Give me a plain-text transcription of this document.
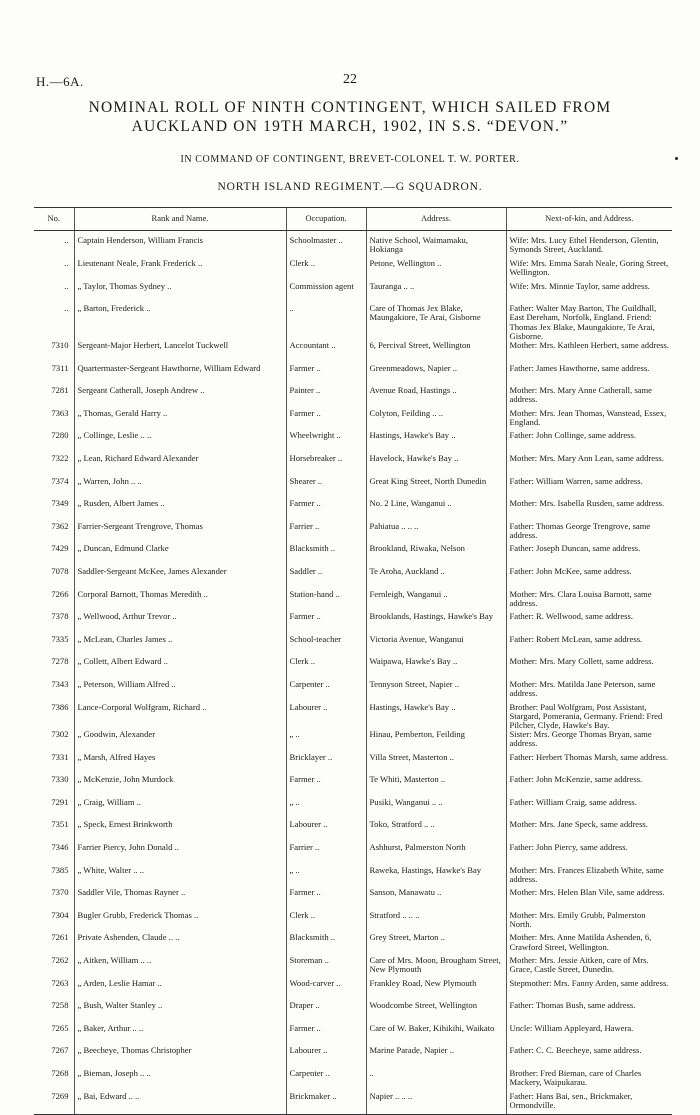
H.—6A.	22
NOMINAL ROLL OF NINTH CONTINGENT, WHICH SAILED FROM
AUCKLAND ON 19TH MARCH, 1902, IN S.S. “DEVON.”
IN COMMAND OF CONTINGENT, BREVET-COLONEL T. W. PORTER.
NORTH ISLAND REGIMENT.—G SQUADRON.
No.	Rank and Name.	Occupation.	Address.	Next-of-kin, and Address.
..	Captain Henderson, William Francis	Schoolmaster ..	Native School, Waimamaku, Hokianga	Wife: Mrs. Lucy Ethel Henderson, Glentin, Symonds Street, Auckland.
..	Lieutenant Neale, Frank Frederick ..	Clerk ..	Petone, Wellington ..	Wife: Mrs. Emma Sarah Neale, Goring Street, Wellington.
..	„ Taylor, Thomas Sydney ..	Commission agent	Tauranga .. ..	Wife: Mrs. Minnie Taylor, same address.
..	„ Barton, Frederick ..	..	Care of Thomas Jex Blake, Maungakiore, Te Arai, Gisborne	Father: Walter May Barton, The Guildhall, East Dereham, Norfolk, England. Friend: Thomas Jex Blake, Maungakiore, Te Arai, Gisborne.
7310	Sergeant-Major Herbert, Lancelot Tuckwell	Accountant ..	6, Percival Street, Wellington	Mother: Mrs. Kathleen Herbert, same address.
7311	Quartermaster-Sergeant Hawthorne, William Edward	Farmer ..	Greenmeadows, Napier ..	Father: James Hawthorne, same address.
7281	Sergeant Catherall, Joseph Andrew ..	Painter ..	Avenue Road, Hastings ..	Mother: Mrs. Mary Anne Catherall, same address.
7363	„ Thomas, Gerald Harry ..	Farmer ..	Colyton, Feilding .. ..	Mother: Mrs. Jean Thomas, Wanstead, Essex, England.
7280	„ Collinge, Leslie .. ..	Wheelwright ..	Hastings, Hawke's Bay ..	Father: John Collinge, same address.
7322	„ Lean, Richard Edward Alexander	Horsebreaker ..	Havelock, Hawke's Bay ..	Mother: Mrs. Mary Ann Lean, same address.
7374	„ Warren, John .. ..	Shearer ..	Great King Street, North Dunedin	Father: William Warren, same address.
7349	„ Rusden, Albert James ..	Farmer ..	No. 2 Line, Wanganui ..	Mother: Mrs. Isabella Rusden, same address.
7362	Farrier-Sergeant Trengrove, Thomas	Farrier ..	Pahiatua .. .. ..	Father: Thomas George Trengrove, same address.
7429	„ Duncan, Edmund Clarke	Blacksmith ..	Brookland, Riwaka, Nelson	Father: Joseph Duncan, same address.
7078	Saddler-Sergeant McKee, James Alexander	Saddler ..	Te Aroha, Auckland ..	Father: John McKee, same address.
7266	Corporal Barnott, Thomas Meredith ..	Station-hand ..	Fernleigh, Wanganui ..	Mother: Mrs. Clara Louisa Barnott, same address.
7378	„ Wellwood, Arthur Trevor ..	Farmer ..	Brooklands, Hastings, Hawke's Bay	Father: R. Wellwood, same address.
7335	„ McLean, Charles James ..	School-teacher	Victoria Avenue, Wanganui	Father: Robert McLean, same address.
7278	„ Collett, Albert Edward ..	Clerk ..	Waipawa, Hawke's Bay ..	Mother: Mrs. Mary Collett, same address.
7343	„ Peterson, William Alfred ..	Carpenter ..	Tennyson Street, Napier ..	Mother: Mrs. Matilda Jane Peterson, same address.
7386	Lance-Corporal Wolfgram, Richard ..	Labourer ..	Hastings, Hawke's Bay ..	Brother: Paul Wolfgram, Post Assistant, Stargard, Pomerania, Germany. Friend: Fred Pilcher, Clyde, Hawke's Bay.
7302	„ Goodwin, Alexander	„ ..	Hinau, Pemberton, Feilding	Sister: Mrs. George Thomas Bryan, same address.
7331	„ Marsh, Alfred Hayes	Bricklayer ..	Villa Street, Masterton ..	Father: Herbert Thomas Marsh, same address.
7330	„ McKenzie, John Murdock	Farmer ..	Te Whiti, Masterton ..	Father: John McKenzie, same address.
7291	„ Craig, William ..	„ ..	Pusiki, Wanganui .. ..	Father: William Craig, same address.
7351	„ Speck, Ernest Brinkworth	Labourer ..	Toko, Stratford .. ..	Mother: Mrs. Jane Speck, same address.
7346	Farrier Piercy, John Donald ..	Farrier ..	Ashhurst, Palmerston North	Father: John Piercy, same address.
7385	„ White, Walter .. ..	„ ..	Raweka, Hastings, Hawke's Bay	Mother: Mrs. Frances Elizabeth White, same address.
7370	Saddler Vile, Thomas Rayner ..	Farmer ..	Sanson, Manawatu ..	Mother: Mrs. Helen Blan Vile, same address.
7304	Bugler Grubb, Frederick Thomas ..	Clerk ..	Stratford .. .. ..	Mother: Mrs. Emily Grubb, Palmerston North.
7261	Private Ashenden, Claude .. ..	Blacksmith ..	Grey Street, Marton ..	Mother: Mrs. Anne Matilda Ashenden, 6, Crawford Street, Wellington.
7262	„ Aitken, William .. ..	Storeman ..	Care of Mrs. Moon, Brougham Street, New Plymouth	Mother: Mrs. Jessie Aitken, care of Mrs. Grace, Castle Street, Dunedin.
7263	„ Arden, Leslie Hamar ..	Wood-carver ..	Frankley Road, New Plymouth	Stepmother: Mrs. Fanny Arden, same address.
7258	„ Bush, Walter Stanley ..	Draper ..	Woodcombe Street, Wellington	Father: Thomas Bush, same address.
7265	„ Baker, Arthur .. ..	Farmer ..	Care of W. Baker, Kihikihi, Waikato	Uncle: William Appleyard, Hawera.
7267	„ Beecheye, Thomas Christopher	Labourer ..	Marine Parade, Napier ..	Father: C. C. Beecheye, same address.
7268	„ Bieman, Joseph .. ..	Carpenter ..	..	Brother: Fred Bieman, care of Charles Mackery, Waipukarau.
7269	„ Bai, Edward .. ..	Brickmaker ..	Napier .. .. ..	Father: Hans Bai, sen., Brickmaker, Ormondville.
